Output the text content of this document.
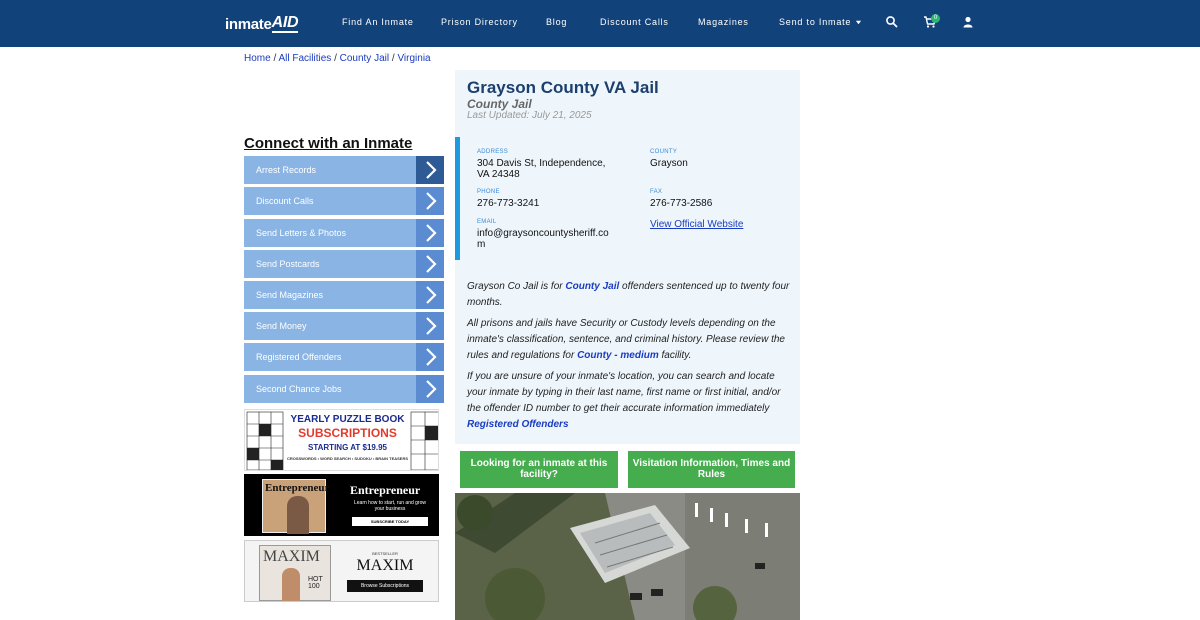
inmate AID	Find An Inmate	Prison Directory	Blog	Discount Calls	Magazines	Send to Inmate	0
Home / All Facilities / County Jail / Virginia
Connect with an Inmate
Arrest Records
Discount Calls
Send Letters & Photos
Send Postcards
Send Magazines
Send Money
Registered Offenders
Second Chance Jobs
YEARLY PUZZLE BOOK
SUBSCRIPTIONS
STARTING AT $19.95
CROSSWORDS • WORD SEARCH • SUDOKU • BRAIN TEASERS
Entrepreneur Entrepreneur
Learn how to start, run and grow your business
SUBSCRIBE TODAY
MAXIM
HOT 100
BESTSELLER
MAXIM
Browse Subscriptions
Grayson County VA Jail
County Jail
Last Updated: July 21, 2025
ADDRESS
304 Davis St, Independence,
VA 24348
COUNTY
Grayson
PHONE
276-773-3241
FAX
276-773-2586
EMAIL
info@graysoncountysheriff.co
m
View Official Website
Grayson Co Jail is for County Jail offenders sentenced up to twenty four months.
All prisons and jails have Security or Custody levels depending on the inmate's classification, sentence, and criminal history. Please review the rules and regulations for County - medium facility.
If you are unsure of your inmate's location, you can search and locate your inmate by typing in their last name, first name or first initial, and/or the offender ID number to get their accurate information immediately
Registered Offenders
Looking for an inmate at this facility?
Visitation Information, Times and Rules
